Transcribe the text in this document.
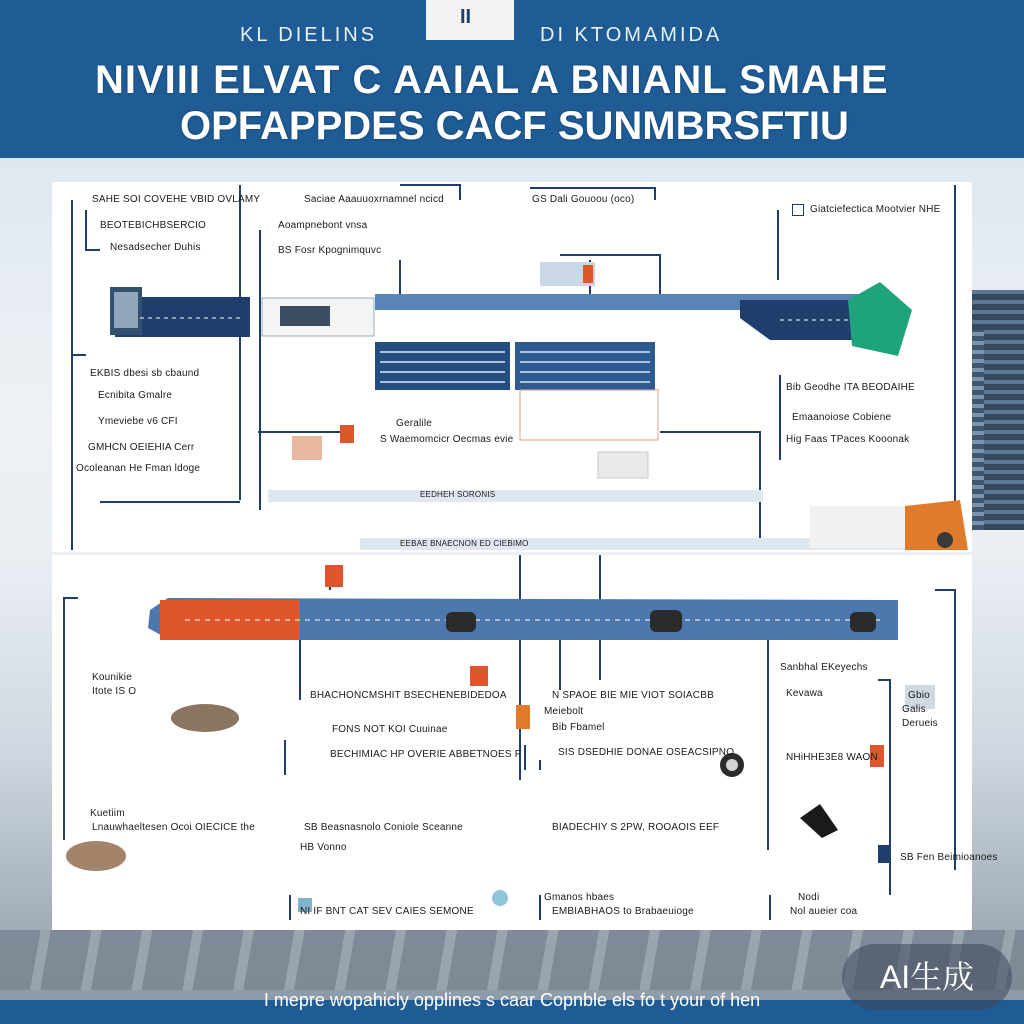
II
KL DIELINS	DI KTOMAMIDA
NIVIII ELVAT C AAIAL A BNIANL SMAHE
OPFAPPDES CACF SUNMBRSFTIU
SAHE SOI COVEHE VBID OVLAMY
BEOTEBICHBSERCIO
Nesadsecher Duhis
Saciae Aaauuoxrnamnel ncicd
Aoampnebont vnsa
BS Fosr Kpognimquvc
GS Dali Gouoou (oco)
Giatciefectica Mootvier NHE
EKBIS dbesi sb cbaund
Ecnibita Gmalre
Ymeviebe v6 CFI
GMHCN OEIEHIA Cerr
Ocoleanan He Fman ldoge
Geralile
S Waemomcicr Oecmas evie
Bib Geodhe ITA BEODAIHE
Emaanoiose Cobiene
Hig Faas TPaces Kooonak
EEDHEH SORONIS
EEBAE BNAECNON ED CIEBIMO
Kounikie
Itote IS O
Kuetiim
Lnauwhaeltesen Ocoi OIECICE the
BHACHONCMSHIT BSECHENEBIDEDOA
FONS NOT KOI Cuuinae
BECHIMIAC HP OVERIE ABBETNOES F	SIS DSEDHIE DONAE OSEACSIPNO
SB Beasnasnolo Coniole Sceanne
HB Vonno
NI IF BNT CAT SEV CAIES SEMONE
N SPAOE BIE MIE VIOT SOIACBB
Meiebolt
Bib Fbamel
BIADECHIY S 2PW, ROOAOIS EEF
Gmanos hbaes
EMBIABHAOS to Brabaeuioge
Sanbhal EKeyechs
Kevawa
NHiHHE3E8 WAON
Gbio
Galis
Derueis
Nodi
Nol aueier coa
SB Fen Beimioanoes
I mepre wopahicly opplines s caar Copnble els fo t your of hen
AI生成
